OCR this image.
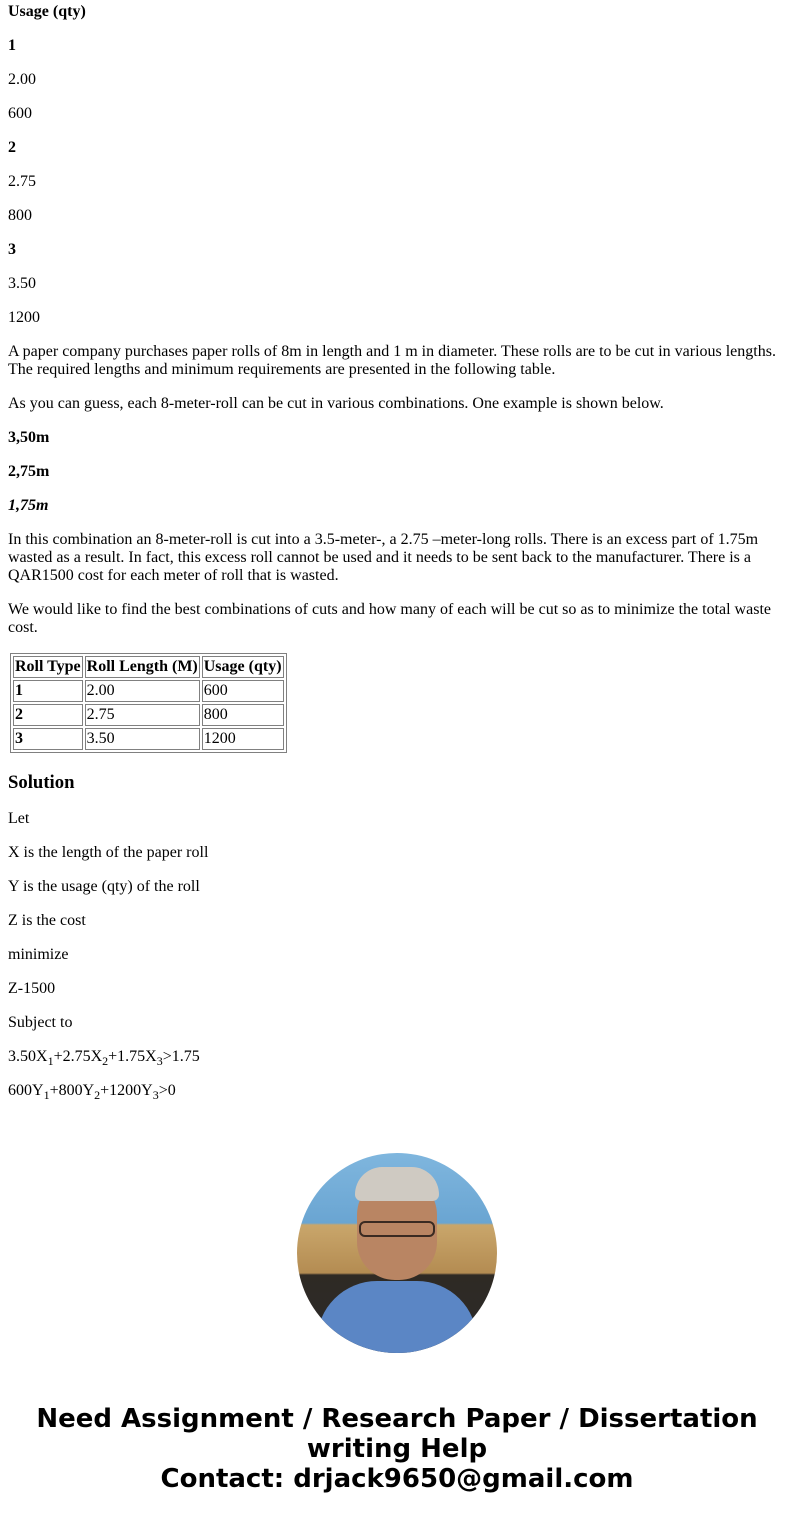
Usage (qty)

1

2.00

600

2

2.75

800

3

3.50

1200

A paper company purchases paper rolls of 8m in length and 1 m in diameter. These rolls are to be cut in various lengths. The required lengths and minimum requirements are presented in the following table.

As you can guess, each 8-meter-roll can be cut in various combinations. One example is shown below.

3,50m

2,75m

1,75m

In this combination an 8-meter-roll is cut into a 3.5-meter-, a 2.75 –meter-long rolls. There is an excess part of 1.75m wasted as a result. In fact, this excess roll cannot be used and it needs to be sent back to the manufacturer. There is a QAR1500 cost for each meter of roll that is wasted.

We would like to find the best combinations of cuts and how many of each will be cut so as to minimize the total waste cost.

Roll Type	Roll Length (M)	Usage (qty)
1	2.00	600
2	2.75	800
3	3.50	1200
Solution

Let

X is the length of the paper roll

Y is the usage (qty) of the roll

Z is the cost

minimize

Z-1500

Subject to

$3.50X_1+2.75X_2+1.75X_3>1.75$

$600Y_1+800Y_2+1200Y_3>0$

Need Assignment / Research Paper / Dissertation
writing Help
Contact: drjack9650@gmail.com
